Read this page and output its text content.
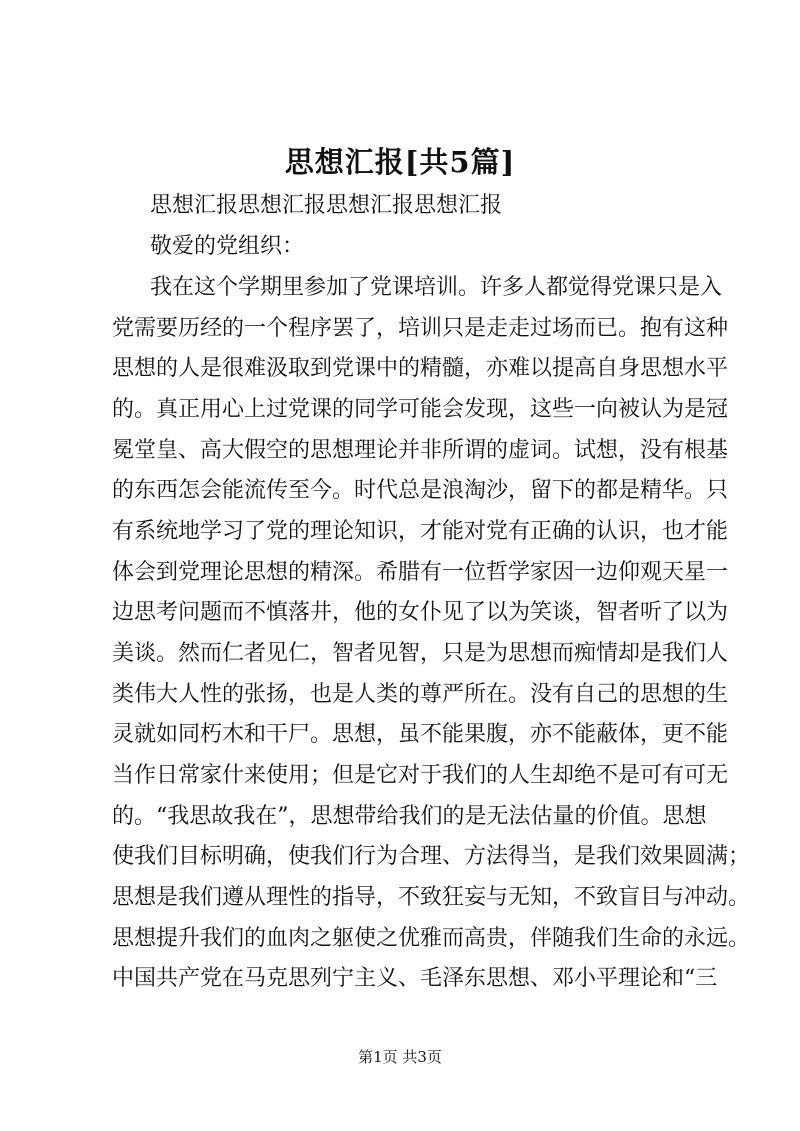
思想汇报[共5篇]
思想汇报思想汇报思想汇报思想汇报
敬爱的党组织：
我在这个学期里参加了党课培训。许多人都觉得党课只是入
党需要历经的一个程序罢了，培训只是走走过场而已。抱有这种
思想的人是很难汲取到党课中的精髓，亦难以提高自身思想水平
的。真正用心上过党课的同学可能会发现，这些一向被认为是冠
冕堂皇、高大假空的思想理论并非所谓的虚词。试想，没有根基
的东西怎会能流传至今。时代总是浪淘沙，留下的都是精华。只
有系统地学习了党的理论知识，才能对党有正确的认识，也才能
体会到党理论思想的精深。希腊有一位哲学家因一边仰观天星一
边思考问题而不慎落井，他的女仆见了以为笑谈，智者听了以为
美谈。然而仁者见仁，智者见智，只是为思想而痴情却是我们人
类伟大人性的张扬，也是人类的尊严所在。没有自己的思想的生
灵就如同朽木和干尸。思想，虽不能果腹，亦不能蔽体，更不能
当作日常家什来使用；但是它对于我们的人生却绝不是可有可无
的。“我思故我在”，思想带给我们的是无法估量的价值。思想
使我们目标明确，使我们行为合理、方法得当，是我们效果圆满；
思想是我们遵从理性的指导，不致狂妄与无知，不致盲目与冲动。
思想提升我们的血肉之躯使之优雅而高贵，伴随我们生命的永远。
中国共产党在马克思列宁主义、毛泽东思想、邓小平理论和“三
第1页 共3页
